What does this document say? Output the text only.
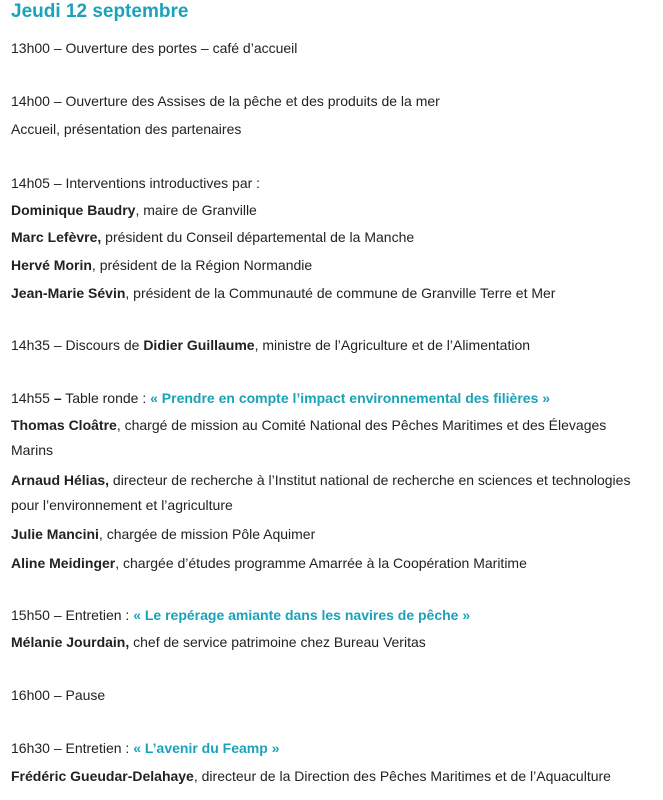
Jeudi 12 septembre
13h00 – Ouverture des portes – café d’accueil
14h00 – Ouverture des Assises de la pêche et des produits de la mer
Accueil, présentation des partenaires
14h05 – Interventions introductives par :
Dominique Baudry, maire de Granville
Marc Lefèvre, président du Conseil départemental de la Manche
Hervé Morin, président de la Région Normandie
Jean-Marie Sévin, président de la Communauté de commune de Granville Terre et Mer
14h35 – Discours de Didier Guillaume, ministre de l’Agriculture et de l’Alimentation
14h55 – Table ronde : « Prendre en compte l’impact environnemental des filières »
Thomas Cloâtre, chargé de mission au Comité National des Pêches Maritimes et des Élevages Marins
Arnaud Hélias, directeur de recherche à l’Institut national de recherche en sciences et technologies pour l’environnement et l’agriculture
Julie Mancini, chargée de mission Pôle Aquimer
Aline Meidinger, chargée d’études programme Amarrée à la Coopération Maritime
15h50 – Entretien : « Le repérage amiante dans les navires de pêche »
Mélanie Jourdain, chef de service patrimoine chez Bureau Veritas
16h00 – Pause
16h30 – Entretien : « L’avenir du Feamp »
Frédéric Gueudar-Delahaye, directeur de la Direction des Pêches Maritimes et de l’Aquaculture
